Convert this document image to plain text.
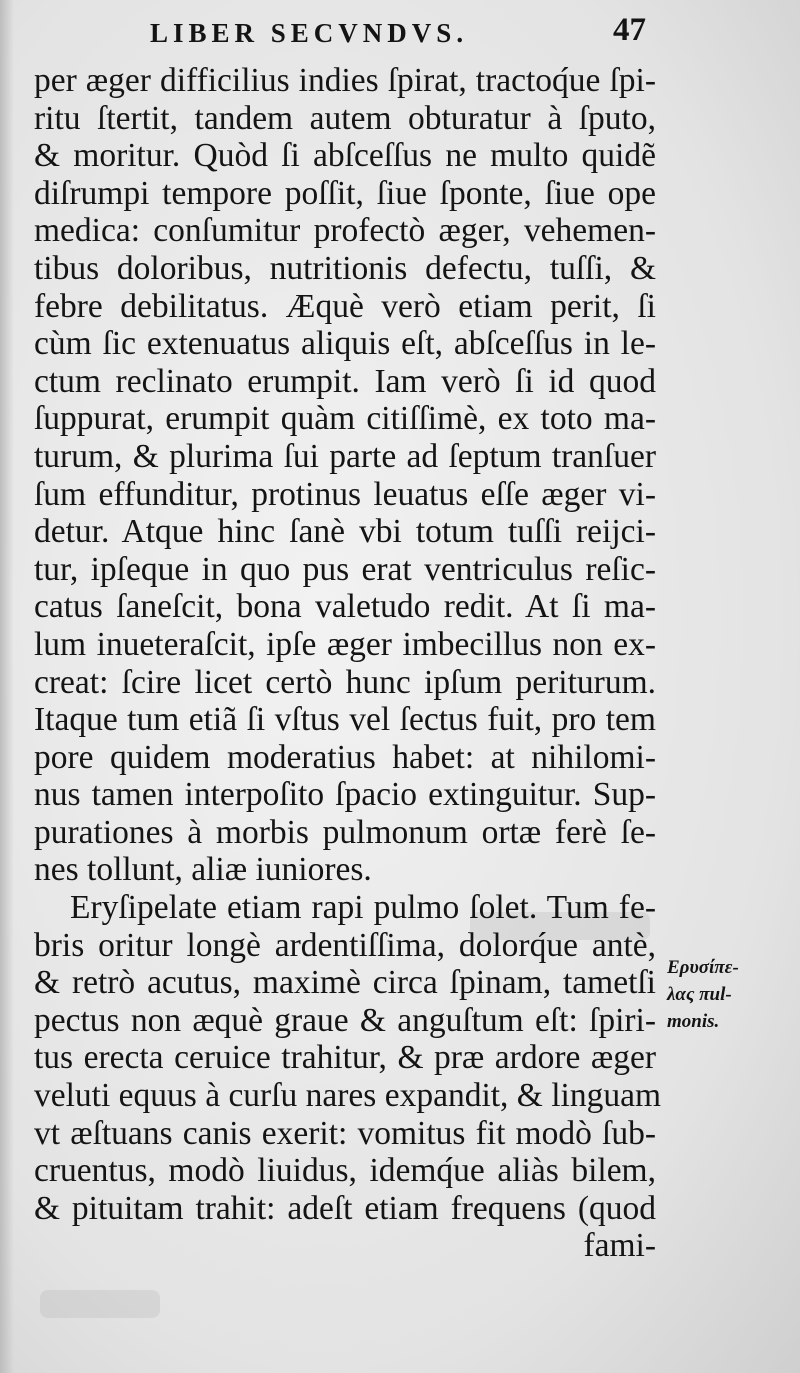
LIBER SECVNDVS.	47
per æger difficilius indies ſpirat, tractoq́ue ſpi-
ritu ſtertit, tandem autem obturatur à ſputo,
& moritur. Quòd ſi abſceſſus ne multo quidẽ
diſrumpi tempore poſſit, ſiue ſponte, ſiue ope
medica: conſumitur profectò æger, vehemen-
tibus doloribus, nutritionis defectu, tuſſi, &
febre debilitatus. Æquè verò etiam perit, ſi
cùm ſic extenuatus aliquis eſt, abſceſſus in le-
ctum reclinato erumpit. Iam verò ſi id quod
ſuppurat, erumpit quàm citiſſimè, ex toto ma-
turum, & plurima ſui parte ad ſeptum tranſuer
ſum effunditur, protinus leuatus eſſe æger vi-
detur. Atque hinc ſanè vbi totum tuſſi reijci-
tur, ipſeque in quo pus erat ventriculus reſic-
catus ſaneſcit, bona valetudo redit. At ſi ma-
lum inueteraſcit, ipſe æger imbecillus non ex-
creat: ſcire licet certò hunc ipſum periturum.
Itaque tum etiã ſi vſtus vel ſectus fuit, pro tem
pore quidem moderatius habet: at nihilomi-
nus tamen interpoſito ſpacio extinguitur. Sup-
purationes à morbis pulmonum ortæ ferè ſe-
nes tollunt, aliæ iuniores.
Eryſipelate etiam rapi pulmo ſolet. Tum fe-
bris oritur longè ardentiſſima, dolorq́ue antè,
& retrò acutus, maximè circa ſpinam, tametſi
pectus non æquè graue & anguſtum eſt: ſpiri-
tus erecta ceruice trahitur, & præ ardore æger
veluti equus à curſu nares expandit, & linguam
vt æſtuans canis exerit: vomitus fit modò ſub-
cruentus, modò liuidus, idemq́ue aliàs bilem,
& pituitam trahit: adeſt etiam frequens (quod
fami-
Ερυσίπε-
λας πul-
monis.
